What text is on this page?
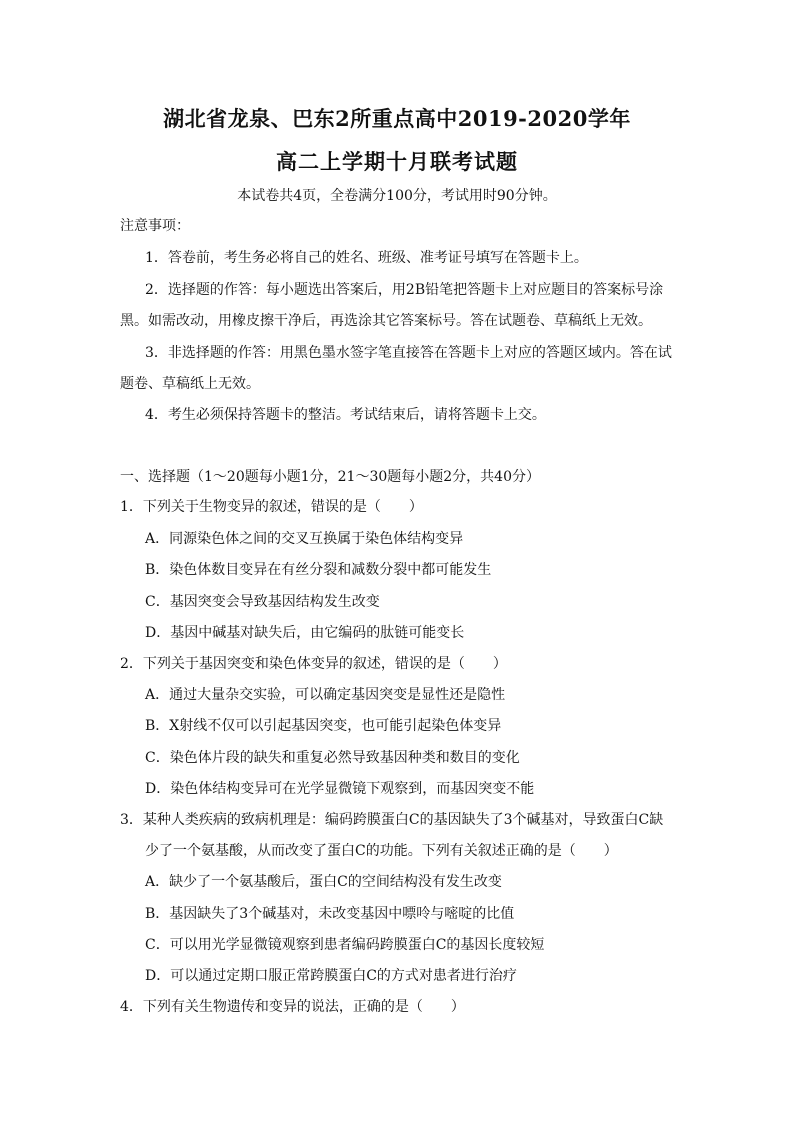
湖北省龙泉、巴东2所重点高中2019-2020学年
高二上学期十月联考试题
本试卷共4页，全卷满分100分，考试用时90分钟。
注意事项：
1．答卷前，考生务必将自己的姓名、班级、准考证号填写在答题卡上。
2．选择题的作答：每小题选出答案后，用2B铅笔把答题卡上对应题目的答案标号涂
黑。如需改动，用橡皮擦干净后，再选涂其它答案标号。答在试题卷、草稿纸上无效。
3．非选择题的作答：用黑色墨水签字笔直接答在答题卡上对应的答题区域内。答在试
题卷、草稿纸上无效。
4．考生必须保持答题卡的整洁。考试结束后，请将答题卡上交。
一、选择题（1～20题每小题1分，21～30题每小题2分，共40分）
1．下列关于生物变异的叙述，错误的是（　　）
A．同源染色体之间的交叉互换属于染色体结构变异
B．染色体数目变异在有丝分裂和减数分裂中都可能发生
C．基因突变会导致基因结构发生改变
D．基因中碱基对缺失后，由它编码的肽链可能变长
2．下列关于基因突变和染色体变异的叙述，错误的是（　　）
A．通过大量杂交实验，可以确定基因突变是显性还是隐性
B．X射线不仅可以引起基因突变，也可能引起染色体变异
C．染色体片段的缺失和重复必然导致基因种类和数目的变化
D．染色体结构变异可在光学显微镜下观察到，而基因突变不能
3．某种人类疾病的致病机理是：编码跨膜蛋白C的基因缺失了3个碱基对，导致蛋白C缺
少了一个氨基酸，从而改变了蛋白C的功能。下列有关叙述正确的是（　　）
A．缺少了一个氨基酸后，蛋白C的空间结构没有发生改变
B．基因缺失了3个碱基对，未改变基因中嘌呤与嘧啶的比值
C．可以用光学显微镜观察到患者编码跨膜蛋白C的基因长度较短
D．可以通过定期口服正常跨膜蛋白C的方式对患者进行治疗
4．下列有关生物遗传和变异的说法，正确的是（　　）
